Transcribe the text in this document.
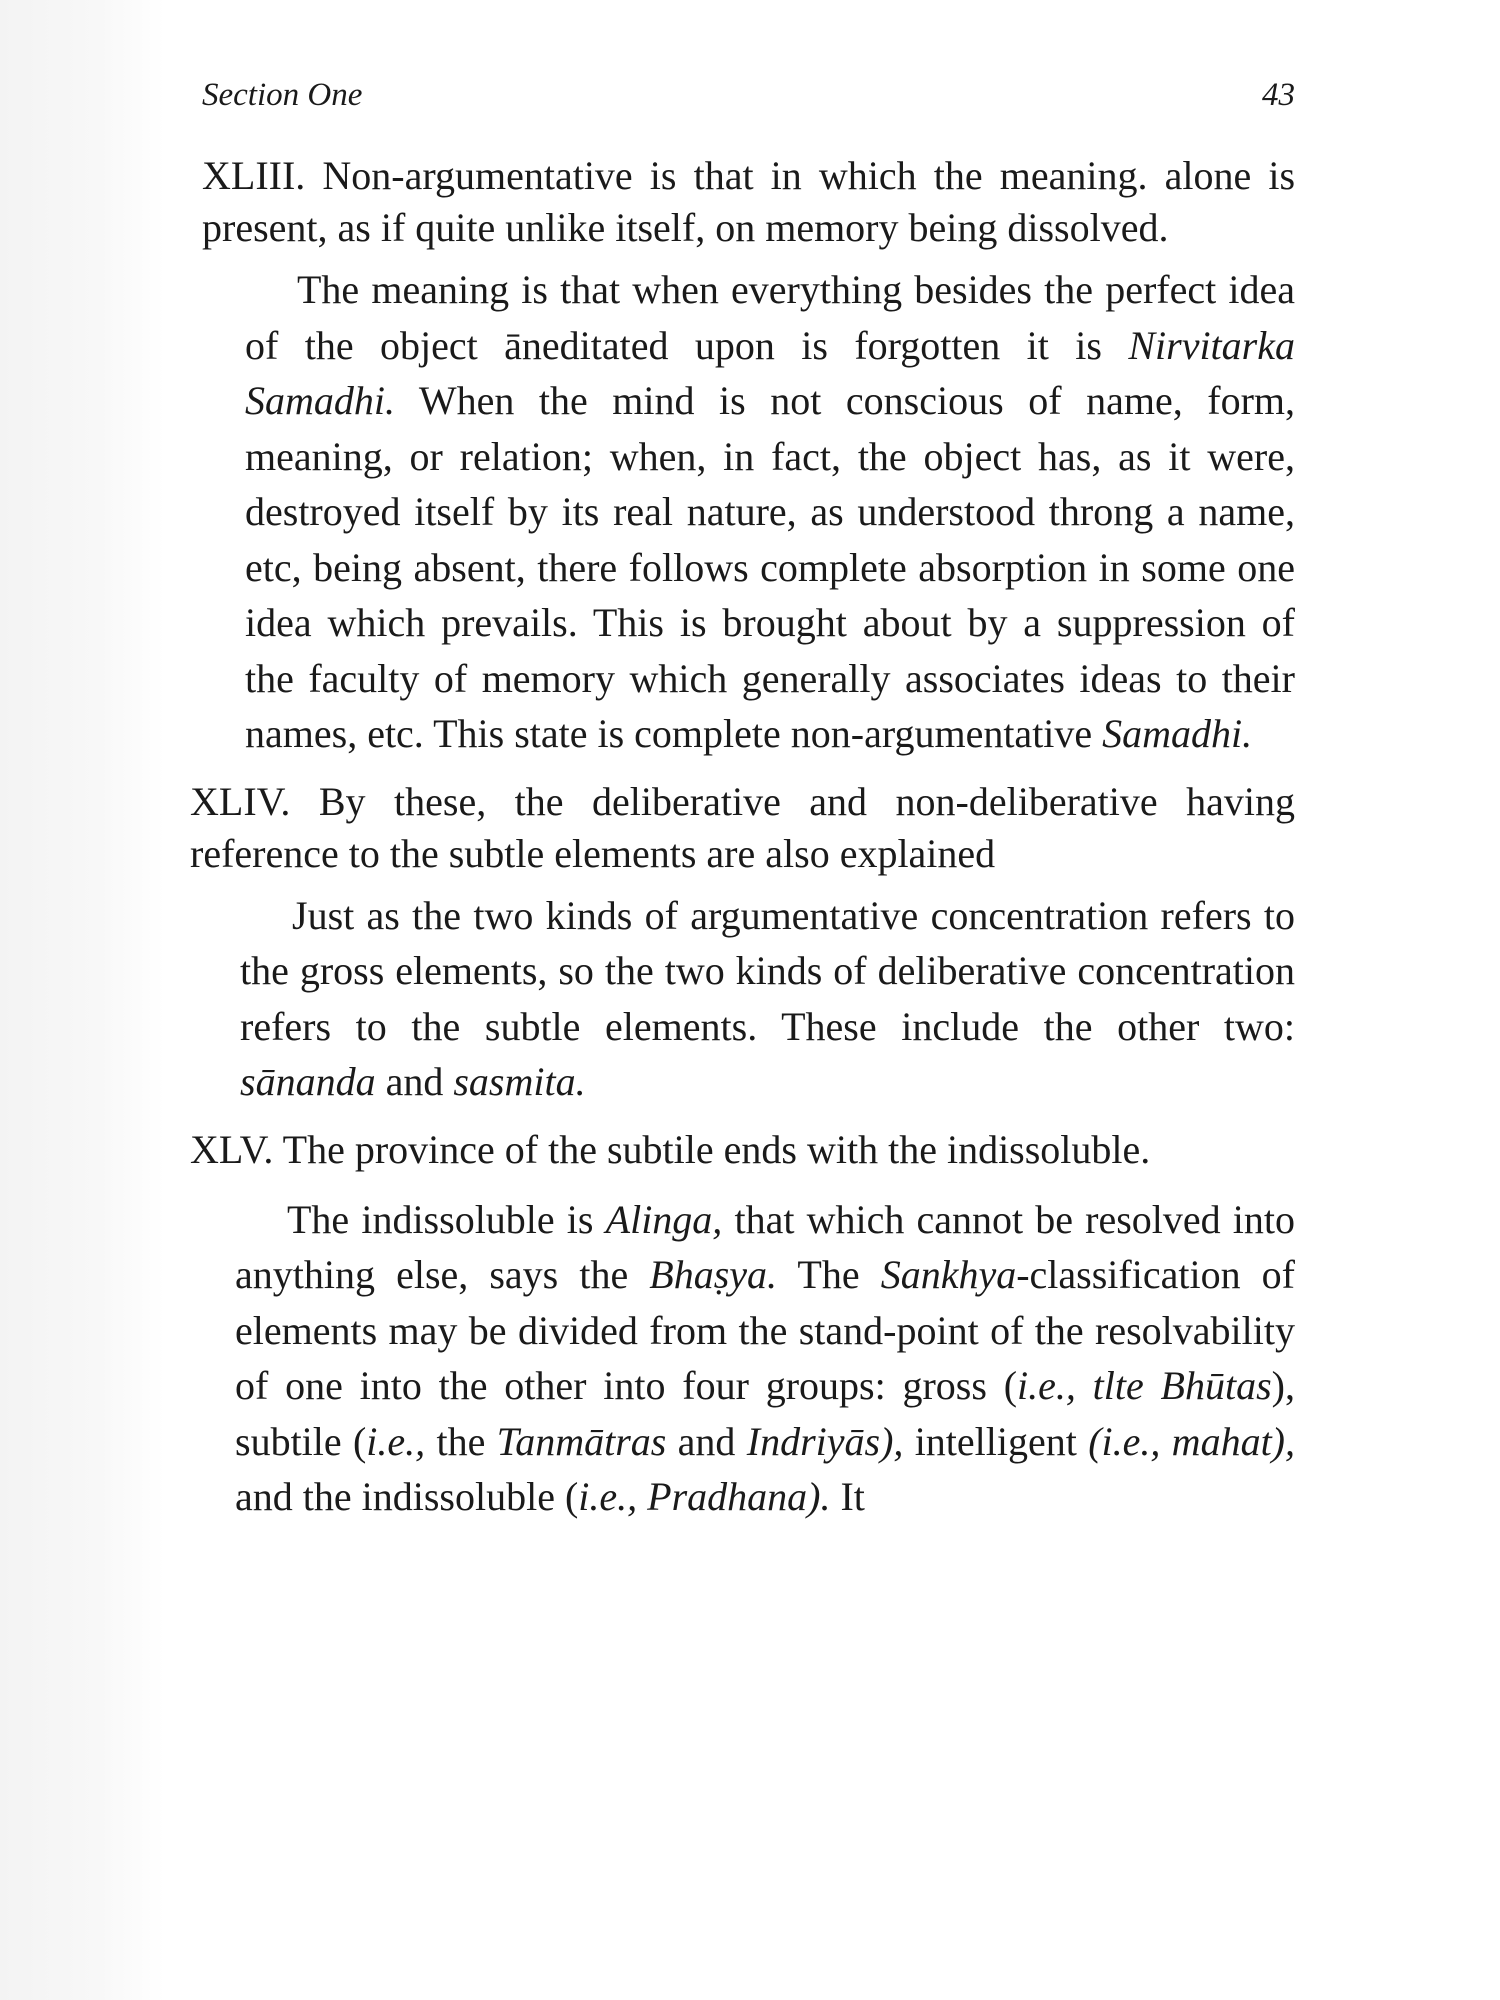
Section One	43

XLIII. Non-argumentative is that in which the meaning. alone is present, as if quite unlike itself, on memory being dissolved.

The meaning is that when everything besides the perfect idea of the object āneditated upon is forgotten it is Nirvitarka Samadhi. When the mind is not conscious of name, form, meaning, or relation; when, in fact, the object has, as it were, destroyed itself by its real nature, as understood throng a name, etc, being absent, there follows complete absorption in some one idea which prevails. This is brought about by a suppression of the faculty of memory which generally associates ideas to their names, etc. This state is complete non-argumentative Samadhi.

XLIV. By these, the deliberative and non-deliberative having reference to the subtle elements are also explained

Just as the two kinds of argumentative concentration refers to the gross elements, so the two kinds of deliberative concentration refers to the subtle elements. These include the other two: sānanda and sasmita.

XLV. The province of the subtile ends with the indissoluble.

The indissoluble is Alinga, that which cannot be resolved into anything else, says the Bhaṣya. The Sankhya-classification of elements may be divided from the stand-point of the resolvability of one into the other into four groups: gross (i.e., tlte Bhūtas), subtile (i.e., the Tanmātras and Indriyās), intelligent (i.e., mahat), and the indissoluble (i.e., Pradhana). It
